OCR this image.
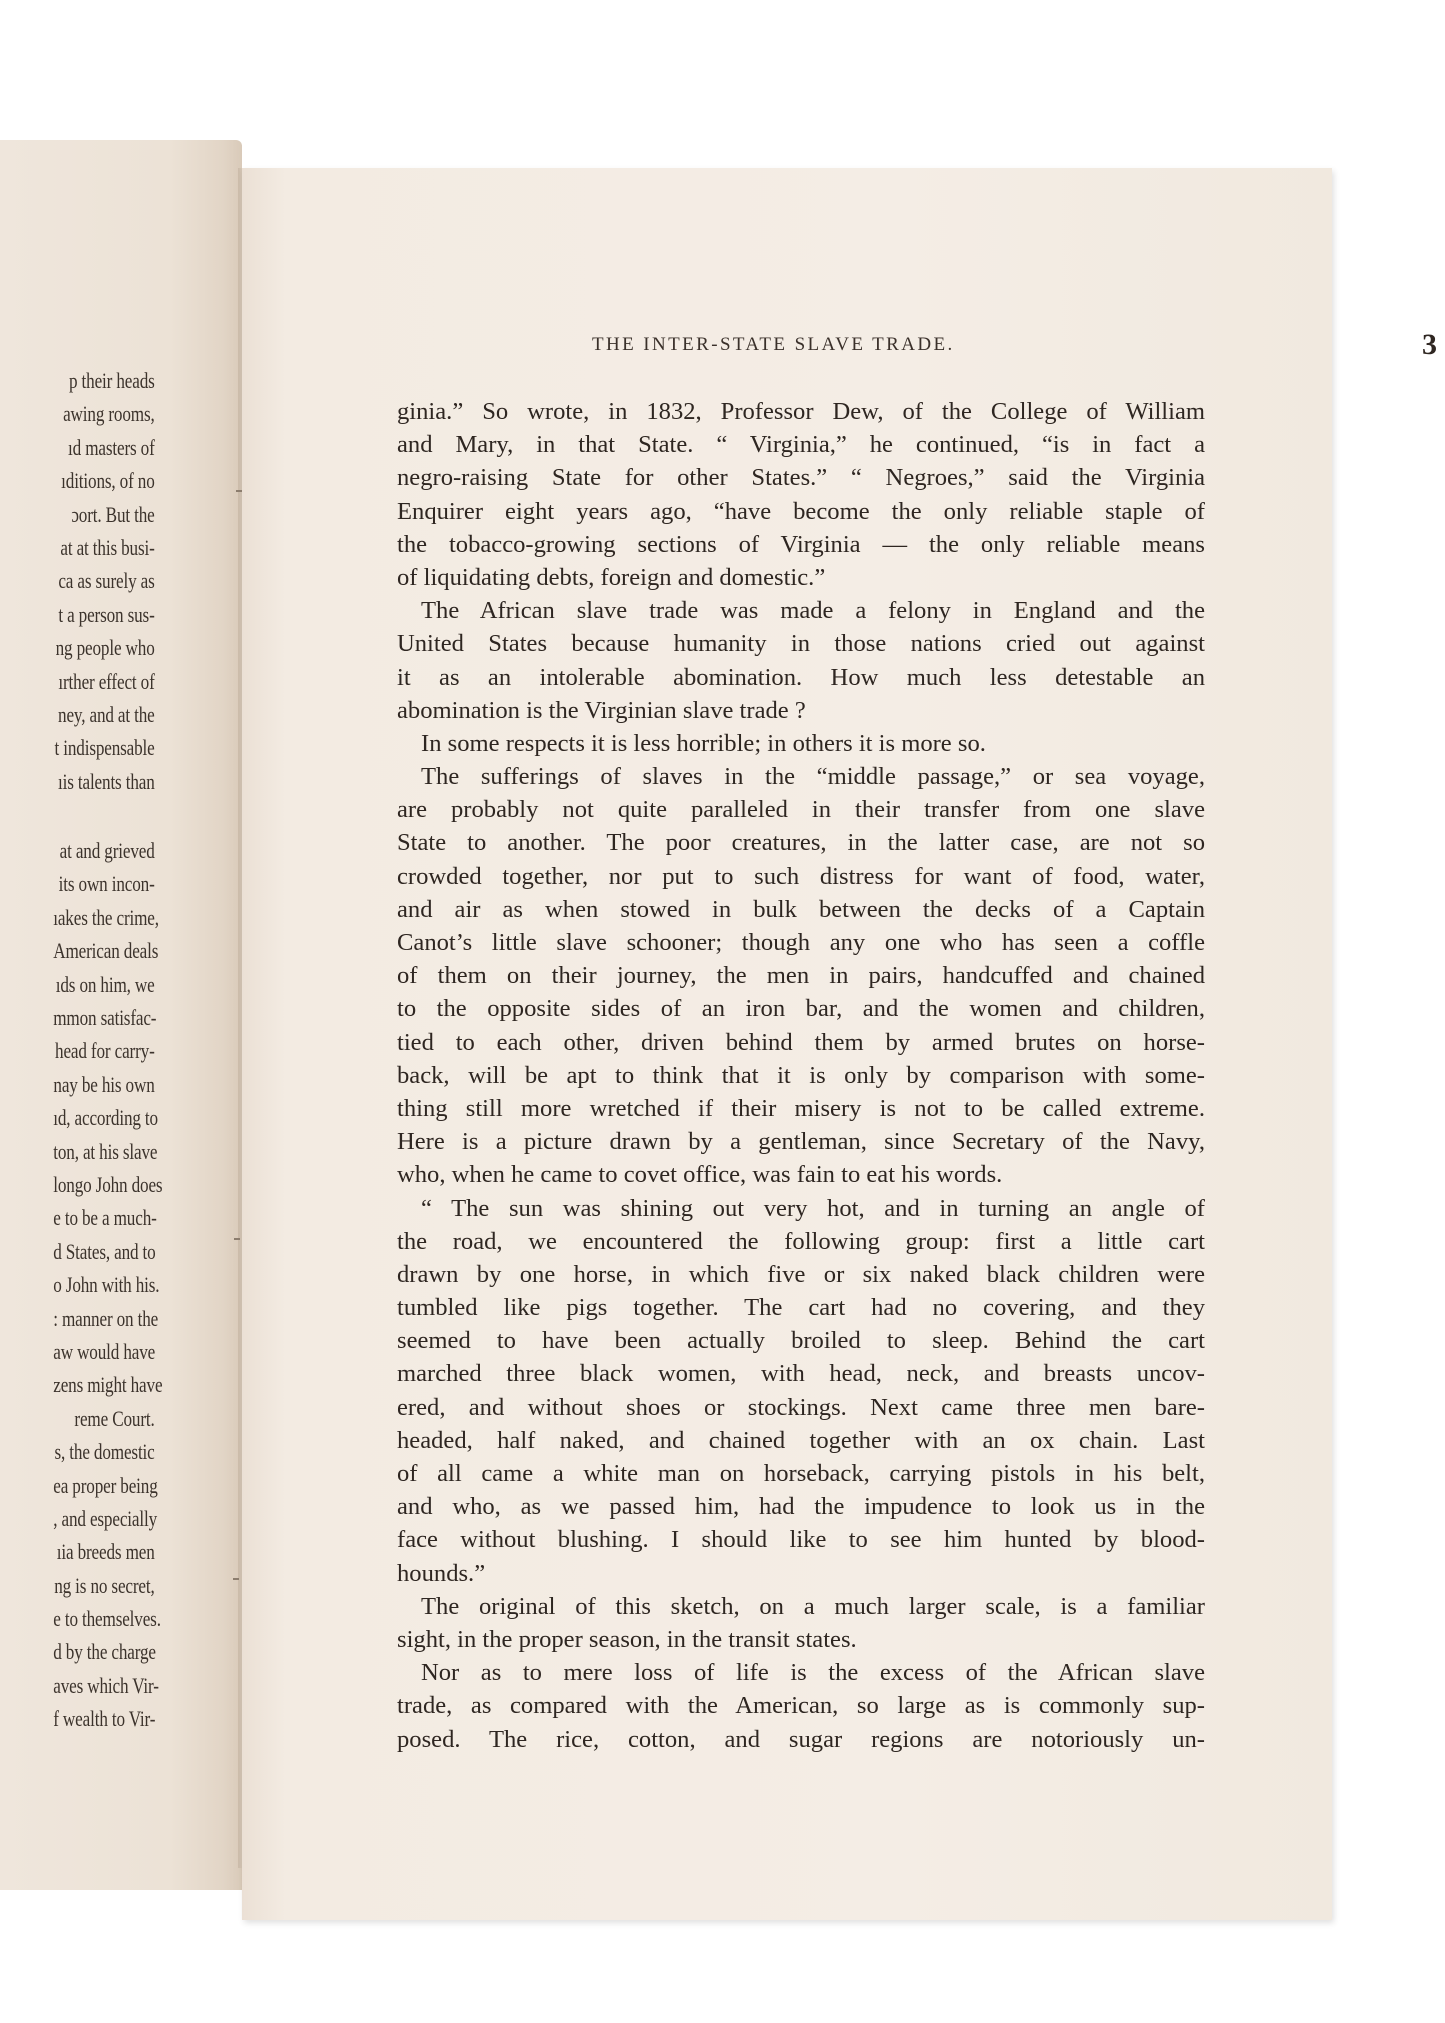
p their heads
awing rooms,
ıd masters of
ıditions, of no
ɔort. But the
at at this busi-
ca as surely as
t a person sus-
ng people who
ırther effect of
ney, and at the
t indispensable
ıis talents than
at and grieved
its own incon-
ıakes the crime,
American deals
ıds on him, we
mmon satisfac-
head for carry-
nay be his own
ıd, according to
ton, at his slave
longo John does
e to be a much-
d States, and to
o John with his.
: manner on the
aw would have
zens might have
reme Court.
s, the domestic
ea proper being
, and especially
ıia breeds men
ng is no secret,
e to themselves.
d by the charge
aves which Vir-
f wealth to Vir-
THE INTER-STATE SLAVE TRADE.	3
ginia.” So wrote, in 1832, Professor Dew, of the College of William
and Mary, in that State. “ Virginia,” he continued, “is in fact a
negro-raising State for other States.” “ Negroes,” said the Virginia
Enquirer eight years ago, “have become the only reliable staple of
the tobacco-growing sections of Virginia — the only reliable means
of liquidating debts, foreign and domestic.”
The African slave trade was made a felony in England and the
United States because humanity in those nations cried out against
it as an intolerable abomination. How much less detestable an
abomination is the Virginian slave trade ?
In some respects it is less horrible; in others it is more so.
The sufferings of slaves in the “middle passage,” or sea voyage,
are probably not quite paralleled in their transfer from one slave
State to another. The poor creatures, in the latter case, are not so
crowded together, nor put to such distress for want of food, water,
and air as when stowed in bulk between the decks of a Captain
Canot’s little slave schooner; though any one who has seen a coffle
of them on their journey, the men in pairs, handcuffed and chained
to the opposite sides of an iron bar, and the women and children,
tied to each other, driven behind them by armed brutes on horse-
back, will be apt to think that it is only by comparison with some-
thing still more wretched if their misery is not to be called extreme.
Here is a picture drawn by a gentleman, since Secretary of the Navy,
who, when he came to covet office, was fain to eat his words.
“ The sun was shining out very hot, and in turning an angle of
the road, we encountered the following group: first a little cart
drawn by one horse, in which five or six naked black children were
tumbled like pigs together. The cart had no covering, and they
seemed to have been actually broiled to sleep. Behind the cart
marched three black women, with head, neck, and breasts uncov-
ered, and without shoes or stockings. Next came three men bare-
headed, half naked, and chained together with an ox chain. Last
of all came a white man on horseback, carrying pistols in his belt,
and who, as we passed him, had the impudence to look us in the
face without blushing. I should like to see him hunted by blood-
hounds.”
The original of this sketch, on a much larger scale, is a familiar
sight, in the proper season, in the transit states.
Nor as to mere loss of life is the excess of the African slave
trade, as compared with the American, so large as is commonly sup-
posed. The rice, cotton, and sugar regions are notoriously un-
